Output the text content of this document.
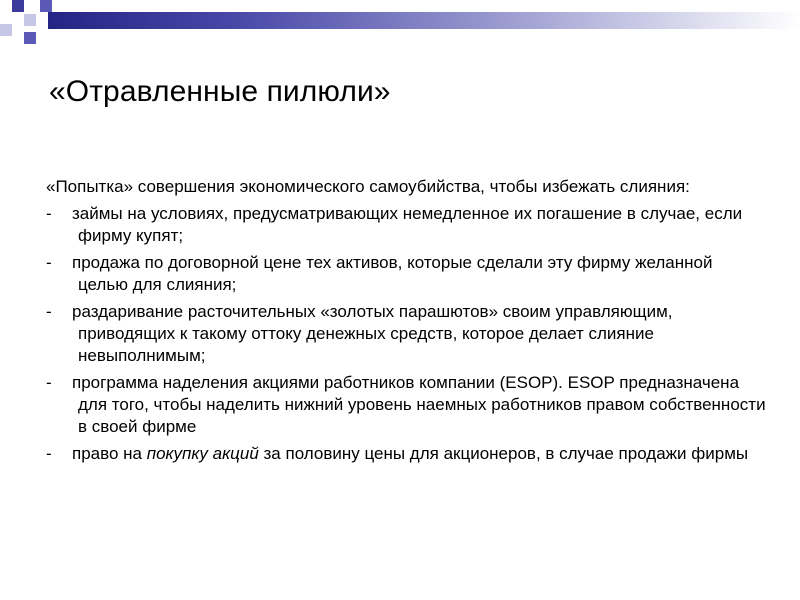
«Отравленные пилюли»

«Попытка» совершения экономического самоубийства, чтобы избежать слияния:

- займы на условиях, предусматривающих немедленное их погашение в случае, если фирму купят;

- продажа по договорной цене тех активов, которые сделали эту фирму желанной целью для слияния;

- раздаривание расточительных «золотых парашютов» своим управляющим, приводящих к такому оттоку денежных средств, которое делает слияние невыполнимым;

- программа наделения акциями работников компании (ESOP). ESOP предназначена для того, чтобы наделить нижний уровень наемных работников правом собственности в своей фирме

- право на покупку акций за половину цены для акционеров, в случае продажи фирмы
